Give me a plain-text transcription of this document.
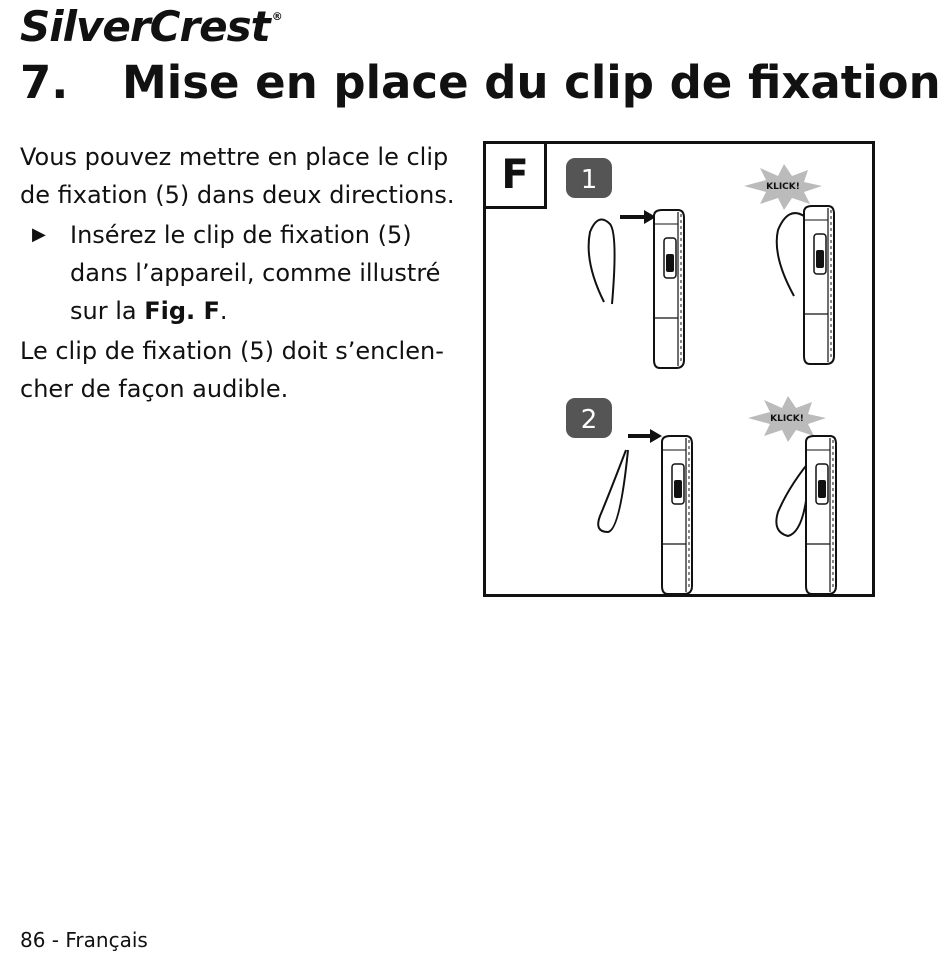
SilverCrest ®
7. Mise en place du clip de fixation

Vous pouvez mettre en place le clip de fixation (5) dans deux directions.

▶ Insérez le clip de fixation (5) dans l’appareil, comme illustré sur la Fig. F.

Le clip de fixation (5) doit s’enclencher de façon audible.

1
2
KLICK!
KLICK!
F
86 - Français
